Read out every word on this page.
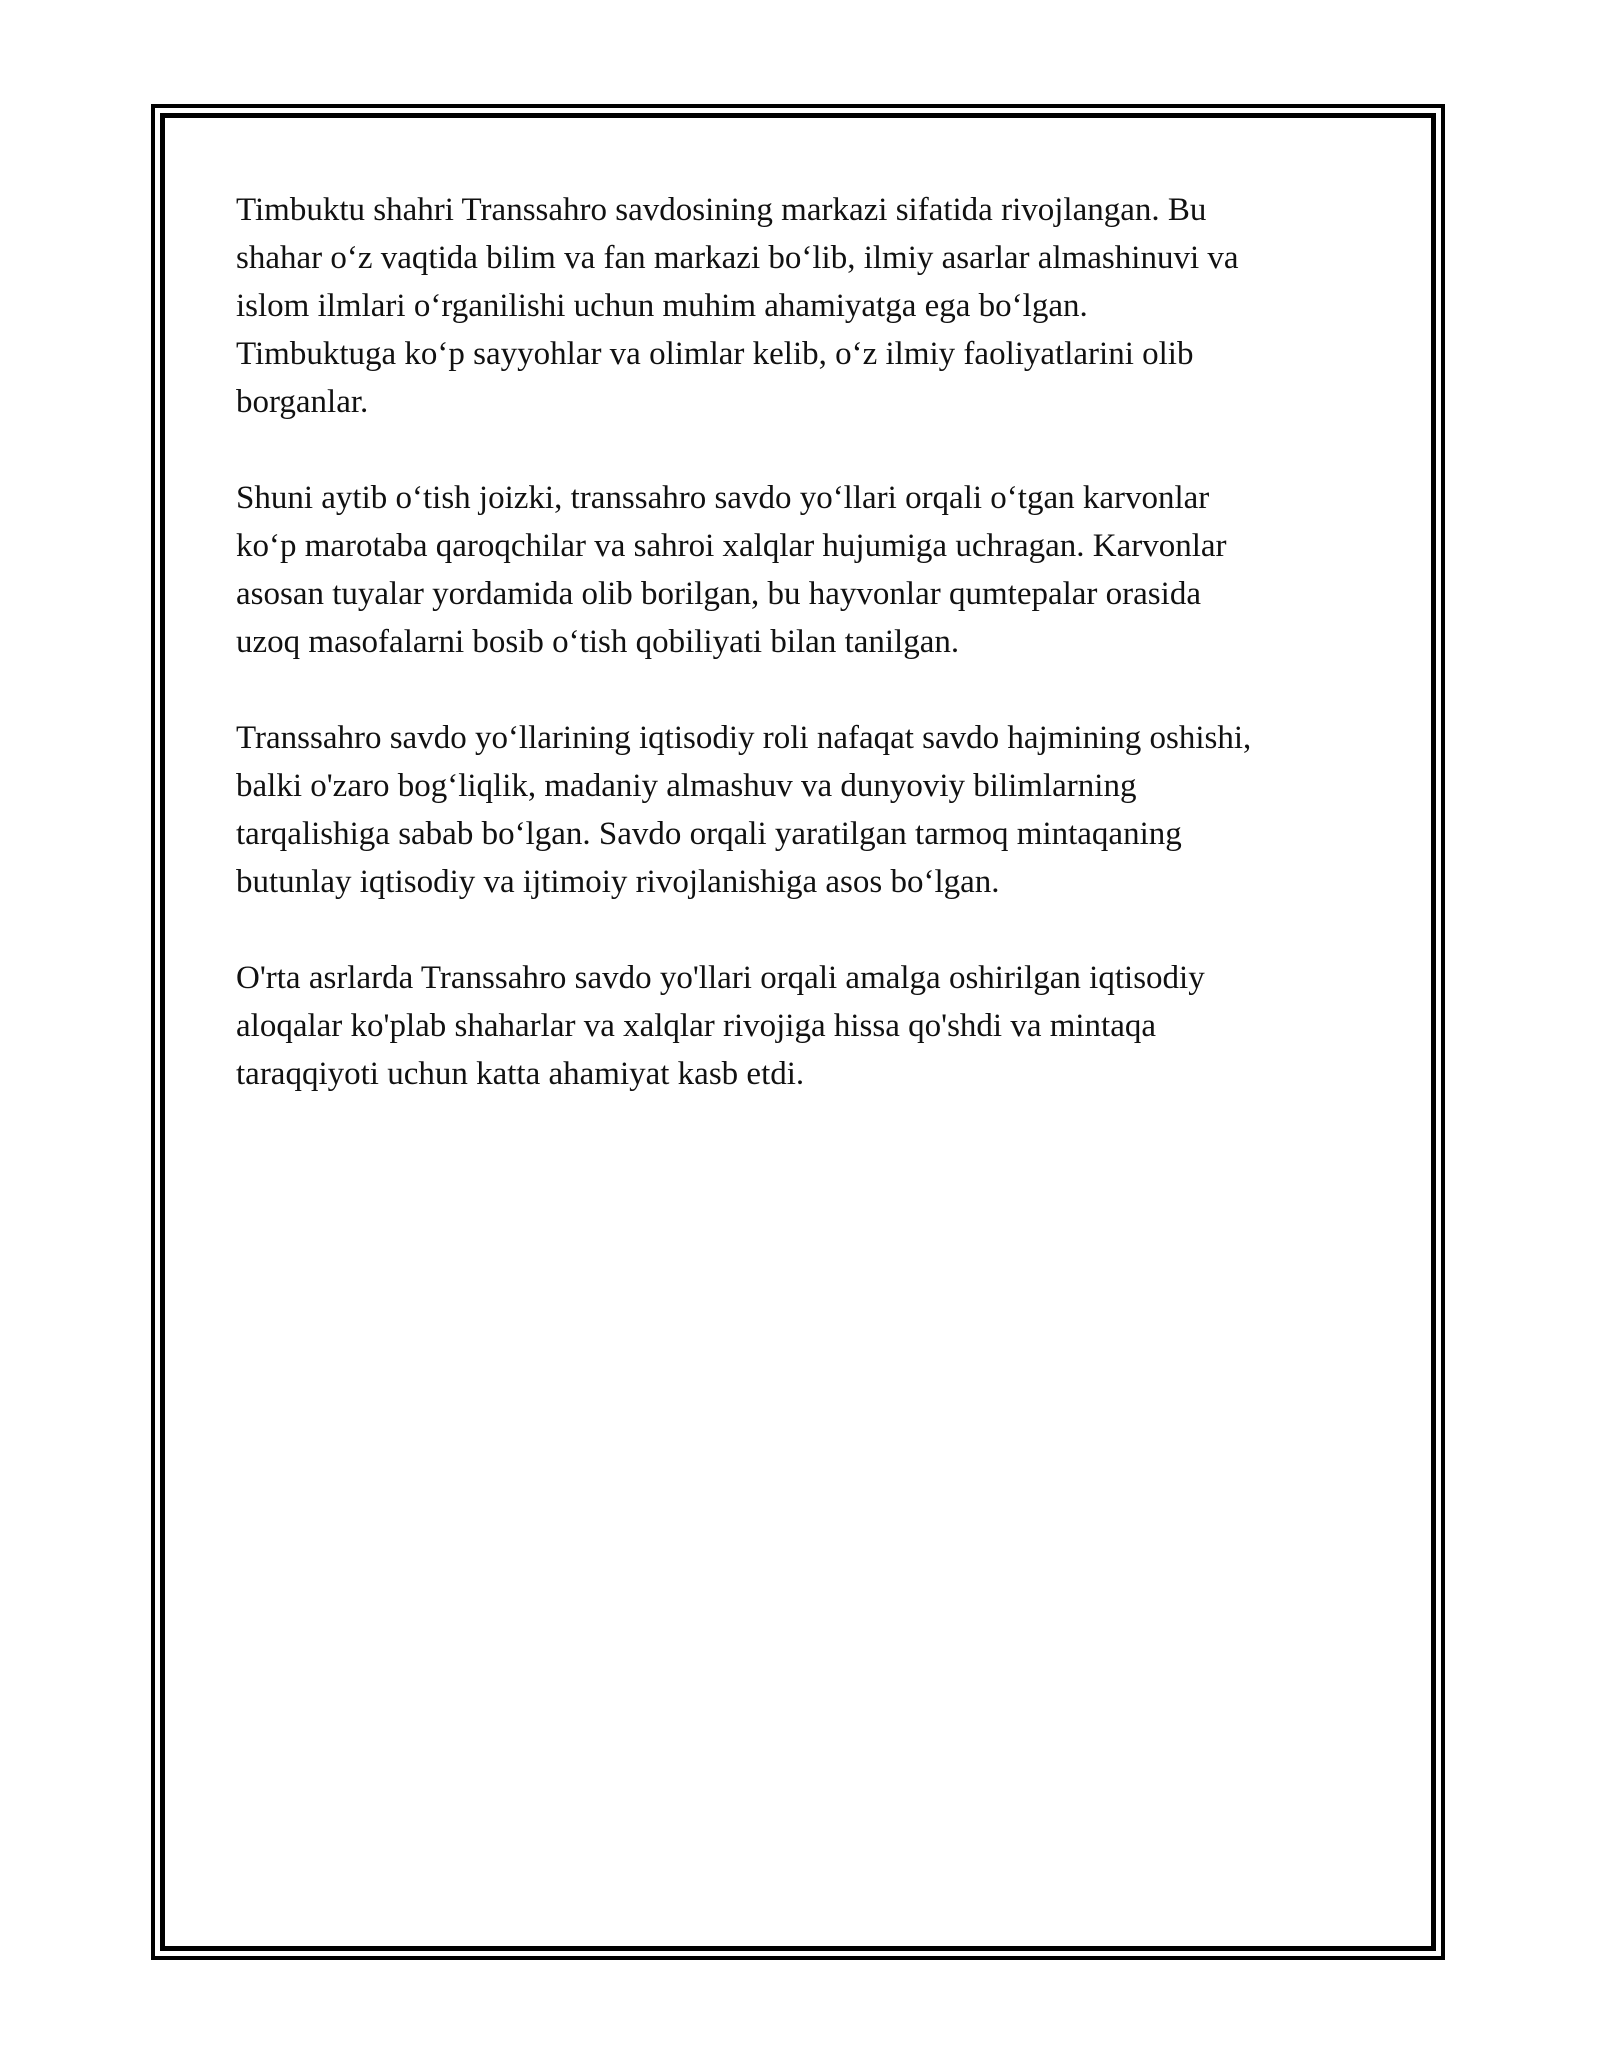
Timbuktu shahri Transsahro savdosining markazi sifatida rivojlangan. Bu
shahar o‘z vaqtida bilim va fan markazi bo‘lib, ilmiy asarlar almashinuvi va
islom ilmlari o‘rganilishi uchun muhim ahamiyatga ega bo‘lgan.
Timbuktuga ko‘p sayyohlar va olimlar kelib, o‘z ilmiy faoliyatlarini olib
borganlar.

Shuni aytib o‘tish joizki, transsahro savdo yo‘llari orqali o‘tgan karvonlar
ko‘p marotaba qaroqchilar va sahroi xalqlar hujumiga uchragan. Karvonlar
asosan tuyalar yordamida olib borilgan, bu hayvonlar qumtepalar orasida
uzoq masofalarni bosib o‘tish qobiliyati bilan tanilgan.

Transsahro savdo yo‘llarining iqtisodiy roli nafaqat savdo hajmining oshishi,
balki o'zaro bog‘liqlik, madaniy almashuv va dunyoviy bilimlarning
tarqalishiga sabab bo‘lgan. Savdo orqali yaratilgan tarmoq mintaqaning
butunlay iqtisodiy va ijtimoiy rivojlanishiga asos bo‘lgan.

O'rta asrlarda Transsahro savdo yo'llari orqali amalga oshirilgan iqtisodiy
aloqalar ko'plab shaharlar va xalqlar rivojiga hissa qo'shdi va mintaqa
taraqqiyoti uchun katta ahamiyat kasb etdi.
